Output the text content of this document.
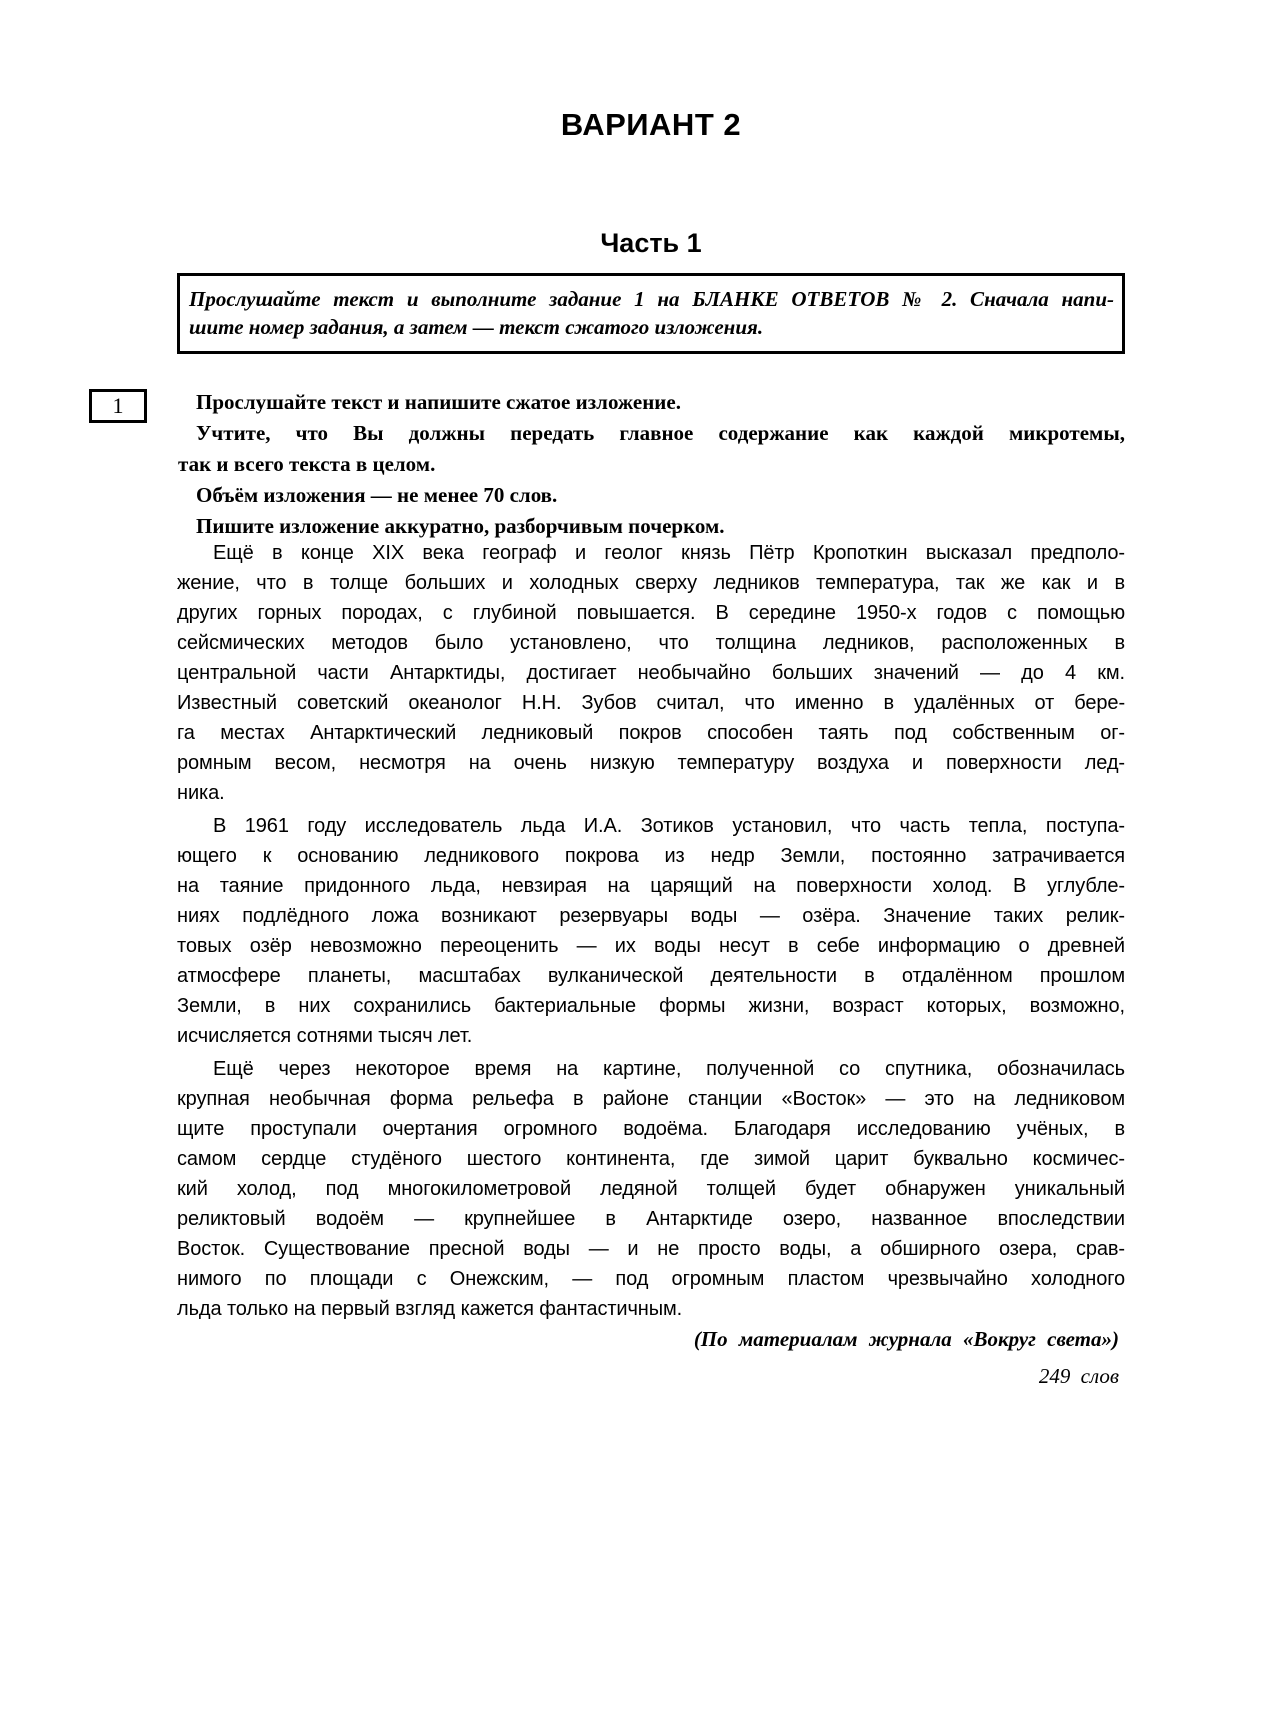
ВАРИАНТ 2
Часть 1
Прослушайте текст и выполните задание 1 на БЛАНКЕ ОТВЕТОВ № 2. Сначала напи-
шите номер задания, а затем — текст сжатого изложения.
1	Прослушайте текст и напишите сжатое изложение.
Учтите, что Вы должны передать главное содержание как каждой микротемы,
так и всего текста в целом.
Объём изложения — не менее 70 слов.
Пишите изложение аккуратно, разборчивым почерком.
Ещё в конце XIX века географ и геолог князь Пётр Кропоткин высказал предполо-
жение, что в толще больших и холодных сверху ледников температура, так же как и в
других горных породах, с глубиной повышается. В середине 1950-х годов с помощью
сейсмических методов было установлено, что толщина ледников, расположенных в
центральной части Антарктиды, достигает необычайно больших значений — до 4 км.
Известный советский океанолог Н.Н. Зубов считал, что именно в удалённых от бере-
га местах Антарктический ледниковый покров способен таять под собственным ог-
ромным весом, несмотря на очень низкую температуру воздуха и поверхности лед-
ника.
В 1961 году исследователь льда И.А. Зотиков установил, что часть тепла, поступа-
ющего к основанию ледникового покрова из недр Земли, постоянно затрачивается
на таяние придонного льда, невзирая на царящий на поверхности холод. В углубле-
ниях подлёдного ложа возникают резервуары воды — озёра. Значение таких релик-
товых озёр невозможно переоценить — их воды несут в себе информацию о древней
атмосфере планеты, масштабах вулканической деятельности в отдалённом прошлом
Земли, в них сохранились бактериальные формы жизни, возраст которых, возможно,
исчисляется сотнями тысяч лет.
Ещё через некоторое время на картине, полученной со спутника, обозначилась
крупная необычная форма рельефа в районе станции «Восток» — это на ледниковом
щите проступали очертания огромного водоёма. Благодаря исследованию учёных, в
самом сердце студёного шестого континента, где зимой царит буквально космичес-
кий холод, под многокилометровой ледяной толщей будет обнаружен уникальный
реликтовый водоём — крупнейшее в Антарктиде озеро, названное впоследствии
Восток. Существование пресной воды — и не просто воды, а обширного озера, срав-
нимого по площади с Онежским, — под огромным пластом чрезвычайно холодного
льда только на первый взгляд кажется фантастичным.
(По материалам журнала «Вокруг света»)
249 слов
